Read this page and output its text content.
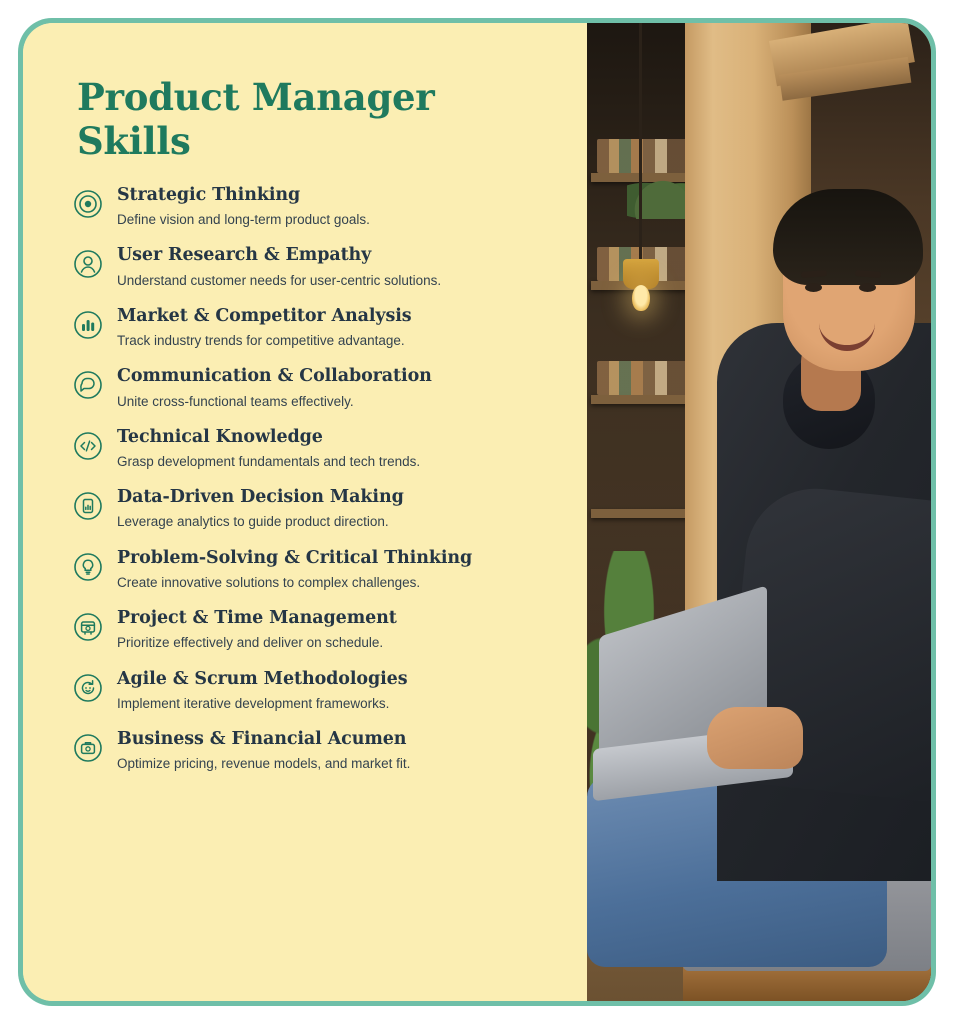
Product Manager Skills
Strategic Thinking
Define vision and long-term product goals.
User Research & Empathy
Understand customer needs for user-centric solutions.
Market & Competitor Analysis
Track industry trends for competitive advantage.
Communication & Collaboration
Unite cross-functional teams effectively.
Technical Knowledge
Grasp development fundamentals and tech trends.
Data-Driven Decision Making
Leverage analytics to guide product direction.
Problem-Solving & Critical Thinking
Create innovative solutions to complex challenges.
Project & Time Management
Prioritize effectively and deliver on schedule.
Agile & Scrum Methodologies
Implement iterative development frameworks.
Business & Financial Acumen
Optimize pricing, revenue models, and market fit.
